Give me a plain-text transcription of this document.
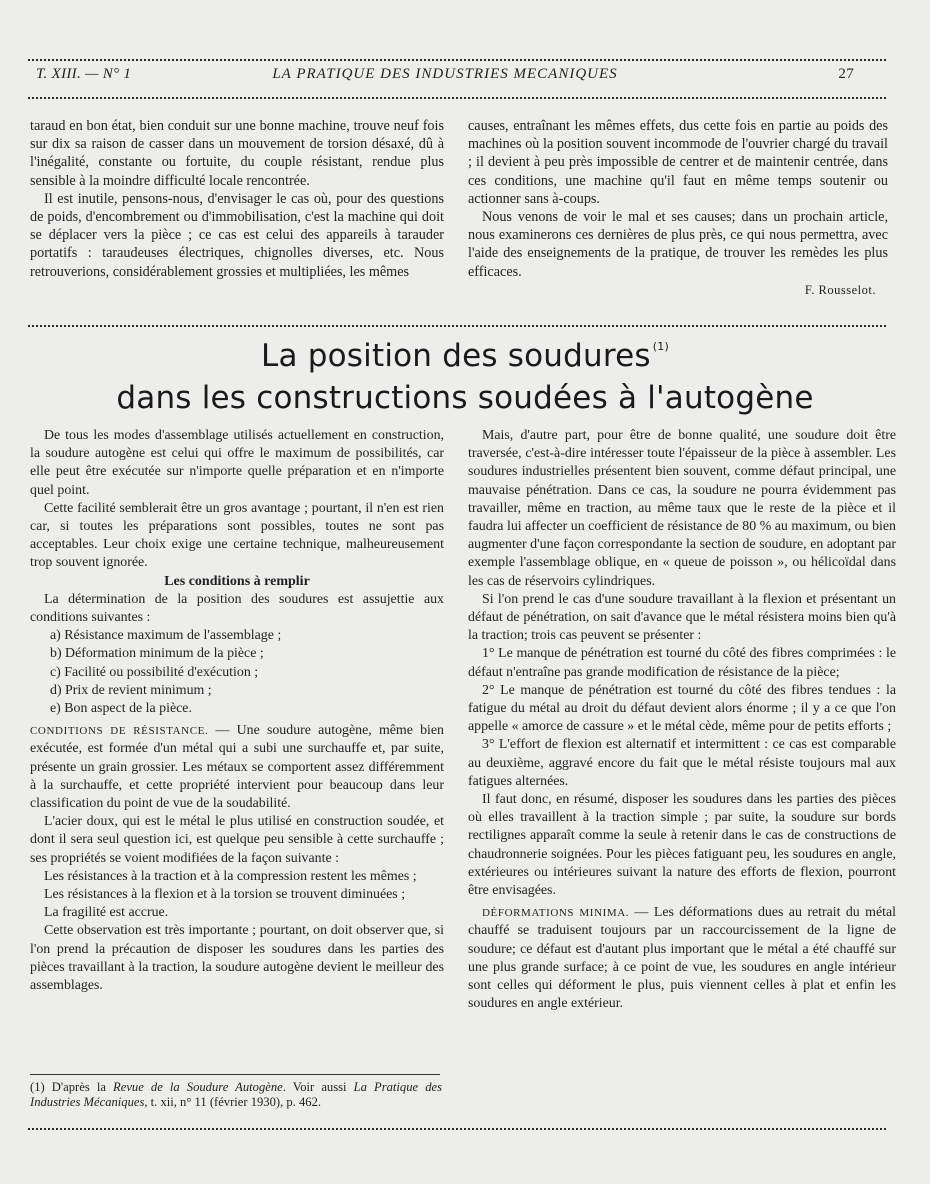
T. XIII. — N° 1	LA PRATIQUE DES INDUSTRIES MECANIQUES	27

taraud en bon état, bien conduit sur une bonne machine, trouve neuf fois sur dix sa raison de casser dans un mouvement de torsion désaxé, dû à l'inégalité, constante ou fortuite, du couple résistant, rendue plus sensible à la moindre difficulté locale rencontrée.

Il est inutile, pensons-nous, d'envisager le cas où, pour des questions de poids, d'encombrement ou d'immobilisation, c'est la machine qui doit se déplacer vers la pièce ; ce cas est celui des appareils à tarauder portatifs : taraudeuses électriques, chignolles diverses, etc. Nous retrouverions, considérablement grossies et multipliées, les mêmes

causes, entraînant les mêmes effets, dus cette fois en partie au poids des machines où la position souvent incommode de l'ouvrier chargé du travail ; il devient à peu près impossible de centrer et de maintenir centrée, dans ces conditions, une machine qu'il faut en même temps soutenir ou actionner sans à-coups.

Nous venons de voir le mal et ses causes; dans un prochain article, nous examinerons ces dernières de plus près, ce qui nous permettra, avec l'aide des enseignements de la pratique, de trouver les remèdes les plus efficaces.

F. Rousselot.

La position des soudures $^{(1)}$
dans les constructions soudées à l'autogène

De tous les modes d'assemblage utilisés actuellement en construction, la soudure autogène est celui qui offre le maximum de possibilités, car elle peut être exécutée sur n'importe quelle préparation et en n'importe quel point.

Cette facilité semblerait être un gros avantage ; pourtant, il n'en est rien car, si toutes les préparations sont possibles, toutes ne sont pas acceptables. Leur choix exige une certaine technique, malheureusement trop souvent ignorée.

Les conditions à remplir

La détermination de la position des soudures est assujettie aux conditions suivantes :

a) Résistance maximum de l'assemblage ;

b) Déformation minimum de la pièce ;

c) Facilité ou possibilité d'exécution ;

d) Prix de revient minimum ;

e) Bon aspect de la pièce.

CONDITIONS DE RÉSISTANCE. — Une soudure autogène, même bien exécutée, est formée d'un métal qui a subi une surchauffe et, par suite, présente un grain grossier. Les métaux se comportent assez différemment à la surchauffe, et cette propriété intervient pour beaucoup dans leur classification du point de vue de la soudabilité.

L'acier doux, qui est le métal le plus utilisé en construction soudée, et dont il sera seul question ici, est quelque peu sensible à cette surchauffe ; ses propriétés se voient modifiées de la façon suivante :

Les résistances à la traction et à la compression restent les mêmes ;

Les résistances à la flexion et à la torsion se trouvent diminuées ;

La fragilité est accrue.

Cette observation est très importante ; pourtant, on doit observer que, si l'on prend la précaution de disposer les soudures dans les parties des pièces travaillant à la traction, la soudure autogène devient le meilleur des assemblages.

(1) D'après la Revue de la Soudure Autogène. Voir aussi La Pratique des Industries Mécaniques, t. xii, n° 11 (février 1930), p. 462.

Mais, d'autre part, pour être de bonne qualité, une soudure doit être traversée, c'est-à-dire intéresser toute l'épaisseur de la pièce à assembler. Les soudures industrielles présentent bien souvent, comme défaut principal, une mauvaise pénétration. Dans ce cas, la soudure ne pourra évidemment pas travailler, même en traction, au même taux que le reste de la pièce et il faudra lui affecter un coefficient de résistance de 80 % au maximum, ou bien augmenter d'une façon correspondante la section de soudure, en adoptant par exemple l'assemblage oblique, en « queue de poisson », ou hélicoïdal dans les cas de réservoirs cylindriques.

Si l'on prend le cas d'une soudure travaillant à la flexion et présentant un défaut de pénétration, on sait d'avance que le métal résistera moins bien qu'à la traction; trois cas peuvent se présenter :

1° Le manque de pénétration est tourné du côté des fibres comprimées : le défaut n'entraîne pas grande modification de résistance de la pièce;

2° Le manque de pénétration est tourné du côté des fibres tendues : la fatigue du métal au droit du défaut devient alors énorme ; il y a ce que l'on appelle « amorce de cassure » et le métal cède, même pour de petits efforts ;

3° L'effort de flexion est alternatif et intermittent : ce cas est comparable au deuxième, aggravé encore du fait que le métal résiste toujours mal aux fatigues alternées.

Il faut donc, en résumé, disposer les soudures dans les parties des pièces où elles travaillent à la traction simple ; par suite, la soudure sur bords rectilignes apparaît comme la seule à retenir dans le cas de constructions de chaudronnerie soignées. Pour les pièces fatiguant peu, les soudures en angle, extérieures ou intérieures suivant la nature des efforts de flexion, pourront être envisagées.

DÉFORMATIONS MINIMA. — Les déformations dues au retrait du métal chauffé se traduisent toujours par un raccourcissement de la ligne de soudure; ce défaut est d'autant plus important que le métal a été chauffé sur une plus grande surface; à ce point de vue, les soudures en angle intérieur sont celles qui déforment le plus, puis viennent celles à plat et enfin les soudures en angle extérieur.
